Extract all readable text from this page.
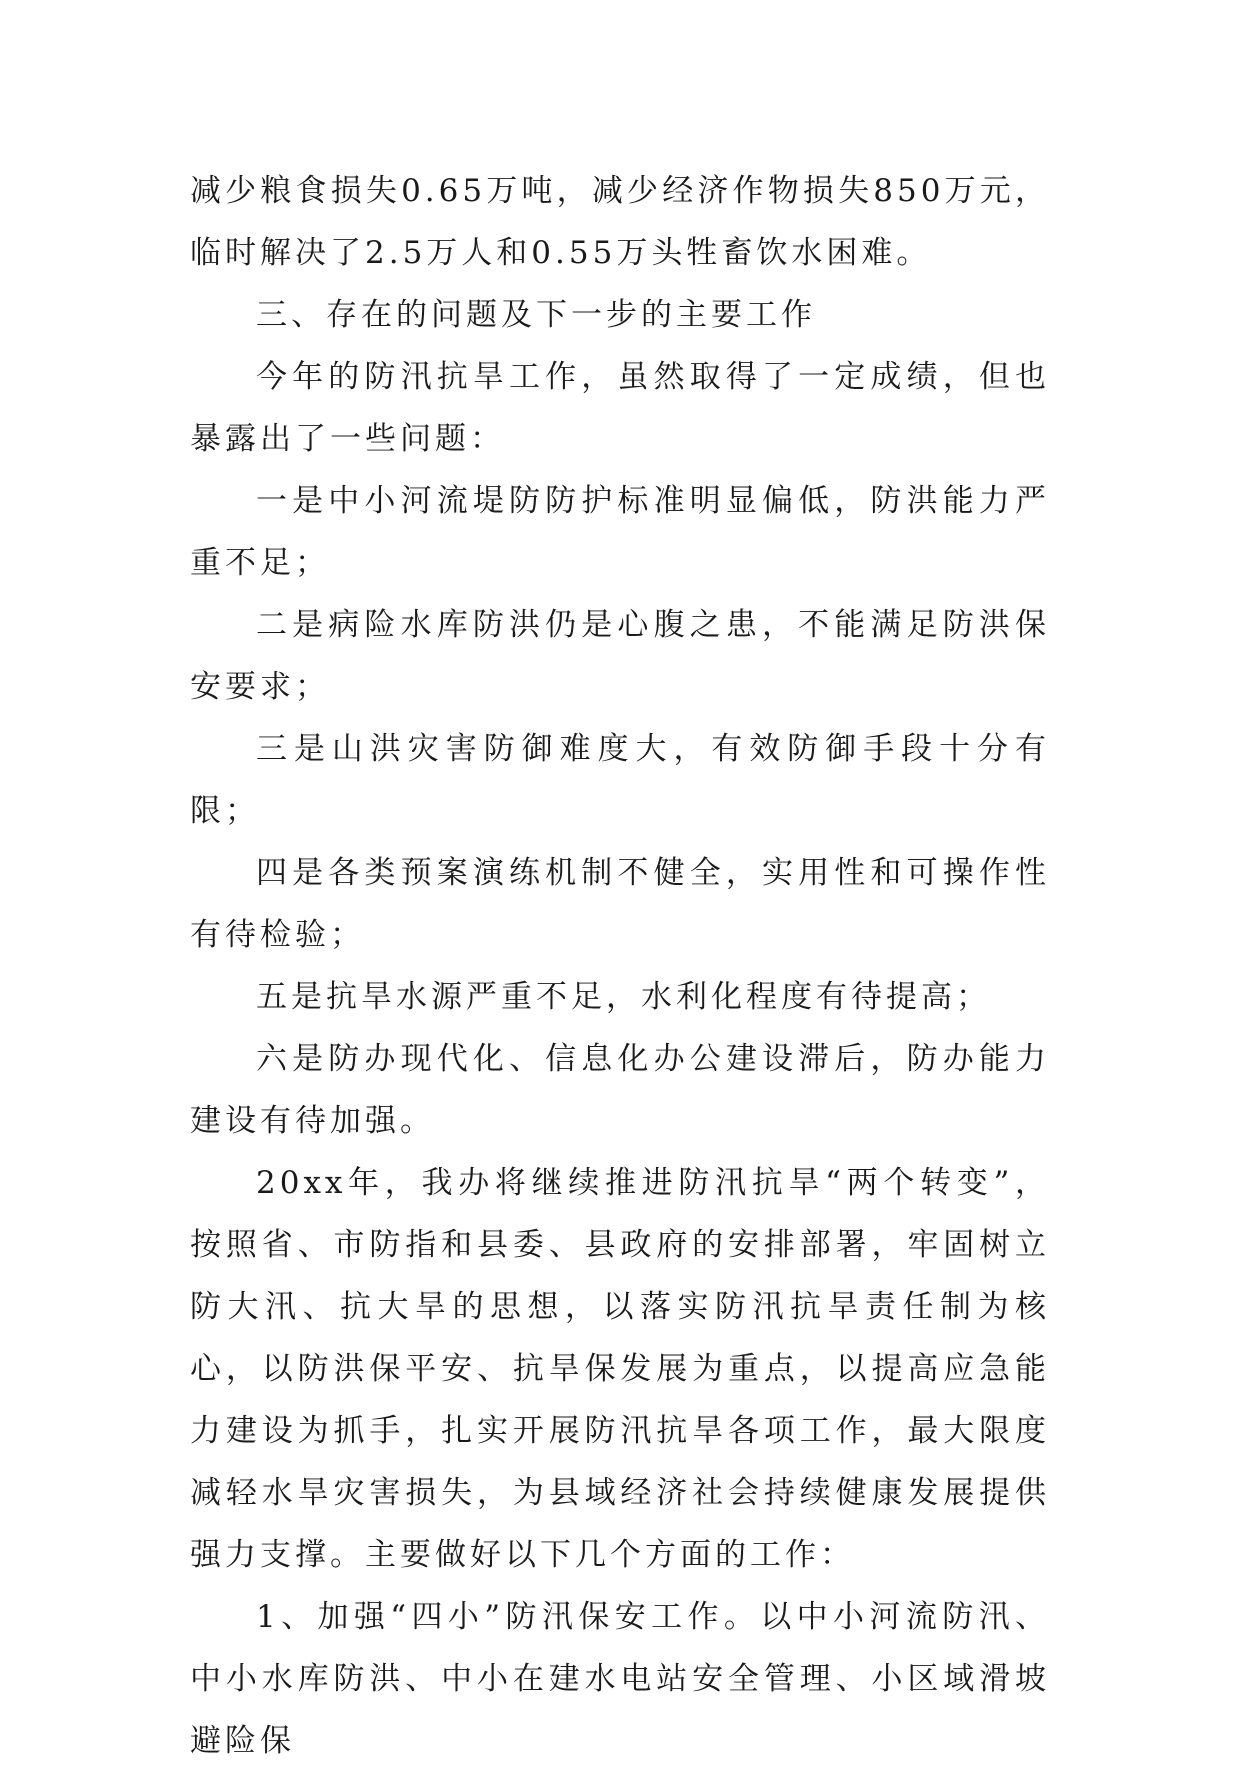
减少粮食损失0.65万吨，减少经济作物损失850万元，临时解决了2.5万人和0.55万头牲畜饮水困难。

三、存在的问题及下一步的主要工作

今年的防汛抗旱工作，虽然取得了一定成绩，但也暴露出了一些问题：

一是中小河流堤防防护标准明显偏低，防洪能力严重不足；

二是病险水库防洪仍是心腹之患，不能满足防洪保安要求；

三是山洪灾害防御难度大，有效防御手段十分有限；

四是各类预案演练机制不健全，实用性和可操作性有待检验；

五是抗旱水源严重不足，水利化程度有待提高；

六是防办现代化、信息化办公建设滞后，防办能力建设有待加强。

20xx年，我办将继续推进防汛抗旱“两个转变”，按照省、市防指和县委、县政府的安排部署，牢固树立防大汛、抗大旱的思想，以落实防汛抗旱责任制为核心，以防洪保平安、抗旱保发展为重点，以提高应急能力建设为抓手，扎实开展防汛抗旱各项工作，最大限度减轻水旱灾害损失，为县域经济社会持续健康发展提供强力支撑。主要做好以下几个方面的工作：

1、加强“四小”防汛保安工作。以中小河流防汛、中小水库防洪、中小在建水电站安全管理、小区域滑坡避险保
